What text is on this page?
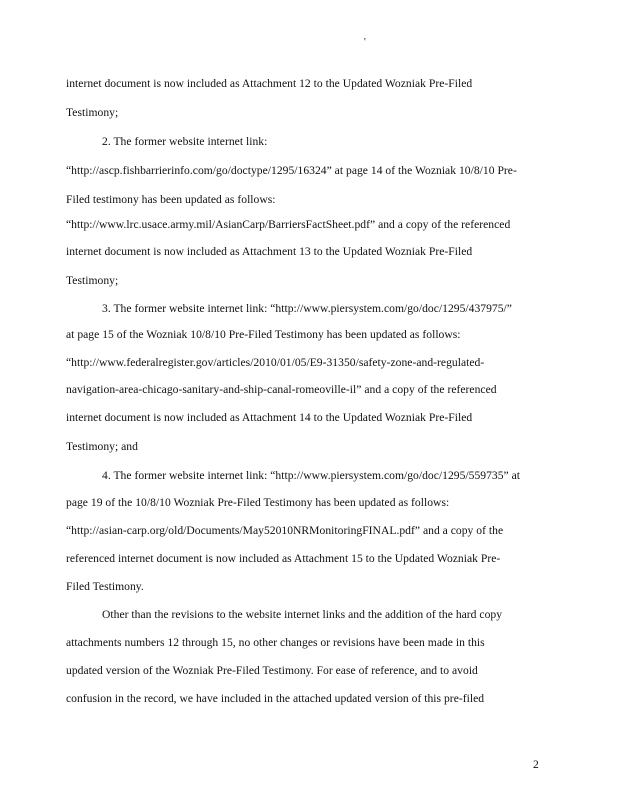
'
internet document is now included as Attachment 12 to the Updated Wozniak Pre-Filed
Testimony;
2. The former website internet link:
“http://ascp.fishbarrierinfo.com/go/doctype/1295/16324” at page 14 of the Wozniak 10/8/10 Pre-
Filed testimony has been updated as follows:
“http://www.lrc.usace.army.mil/AsianCarp/BarriersFactSheet.pdf” and a copy of the referenced
internet document is now included as Attachment 13 to the Updated Wozniak Pre-Filed
Testimony;
3. The former website internet link: “http://www.piersystem.com/go/doc/1295/437975/”
at page 15 of the Wozniak 10/8/10 Pre-Filed Testimony has been updated as follows:
“http://www.federalregister.gov/articles/2010/01/05/E9-31350/safety-zone-and-regulated-
navigation-area-chicago-sanitary-and-ship-canal-romeoville-il” and a copy of the referenced
internet document is now included as Attachment 14 to the Updated Wozniak Pre-Filed
Testimony; and
4. The former website internet link: “http://www.piersystem.com/go/doc/1295/559735” at
page 19 of the 10/8/10 Wozniak Pre-Filed Testimony has been updated as follows:
“http://asian-carp.org/old/Documents/May52010NRMonitoringFINAL.pdf” and a copy of the
referenced internet document is now included as Attachment 15 to the Updated Wozniak Pre-
Filed Testimony.
Other than the revisions to the website internet links and the addition of the hard copy
attachments numbers 12 through 15, no other changes or revisions have been made in this
updated version of the Wozniak Pre-Filed Testimony. For ease of reference, and to avoid
confusion in the record, we have included in the attached updated version of this pre-filed
2
